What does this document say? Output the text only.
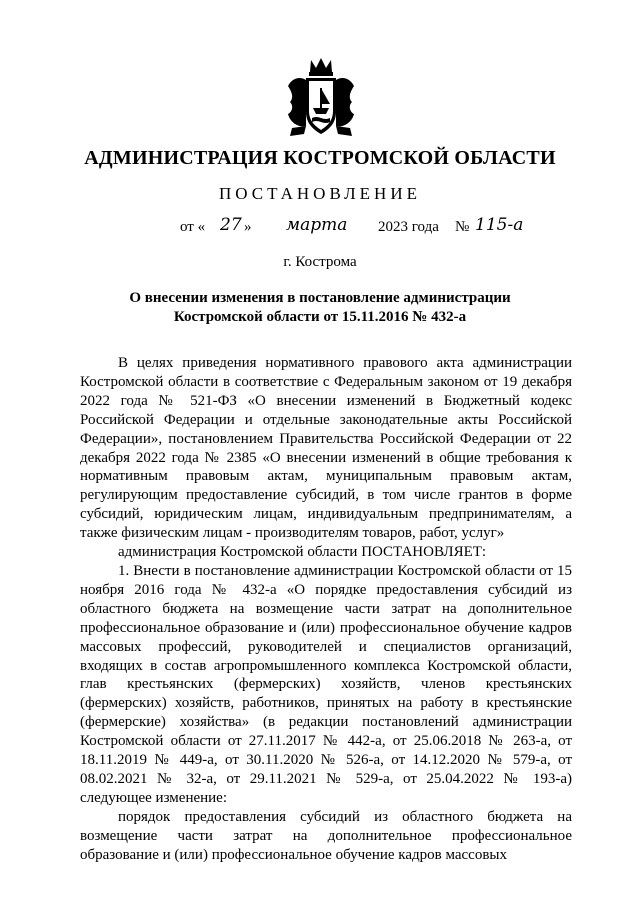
АДМИНИСТРАЦИЯ КОСТРОМСКОЙ ОБЛАСТИ
ПОСТАНОВЛЕНИЕ
от « 27 » марта 2023 года № 115-а
г. Кострома
О внесении изменения в постановление администрации
Костромской области от 15.11.2016 № 432-а

В целях приведения нормативного правового акта администрации Костромской области в соответствие с Федеральным законом от 19 декабря 2022 года № 521-ФЗ «О внесении изменений в Бюджетный кодекс Российской Федерации и отдельные законодательные акты Российской Федерации», постановлением Правительства Российской Федерации от 22 декабря 2022 года № 2385 «О внесении изменений в общие требования к нормативным правовым актам, муниципальным правовым актам, регулирующим предоставление субсидий, в том числе грантов в форме субсидий, юридическим лицам, индивидуальным предпринимателям, а также физическим лицам - производителям товаров, работ, услуг»

администрация Костромской области ПОСТАНОВЛЯЕТ:

1. Внести в постановление администрации Костромской области от 15 ноября 2016 года № 432-а «О порядке предоставления субсидий из областного бюджета на возмещение части затрат на дополнительное профессиональное образование и (или) профессиональное обучение кадров массовых профессий, руководителей и специалистов организаций, входящих в состав агропромышленного комплекса Костромской области, глав крестьянских (фермерских) хозяйств, членов крестьянских (фермерских) хозяйств, работников, принятых на работу в крестьянские (фермерские) хозяйства» (в редакции постановлений администрации Костромской области от 27.11.2017 № 442-а, от 25.06.2018 № 263-а, от 18.11.2019 № 449-а, от 30.11.2020 № 526-а, от 14.12.2020 № 579-а, от 08.02.2021 № 32-а, от 29.11.2021 № 529-а, от 25.04.2022 № 193-а) следующее изменение:

порядок предоставления субсидий из областного бюджета на возмещение части затрат на дополнительное профессиональное образование и (или) профессиональное обучение кадров массовых
